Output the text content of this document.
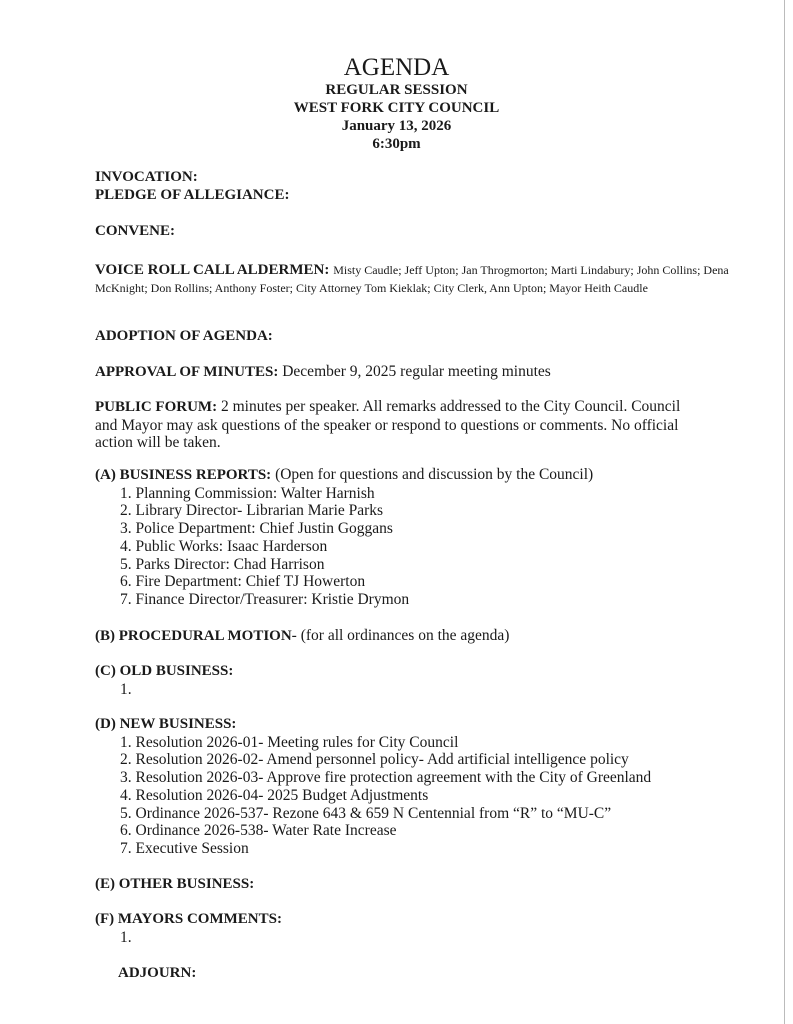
AGENDA
REGULAR SESSION
WEST FORK CITY COUNCIL
January 13, 2026
6:30pm
INVOCATION:
PLEDGE OF ALLEGIANCE:
CONVENE:
VOICE ROLL CALL ALDERMEN: Misty Caudle; Jeff Upton; Jan Throgmorton; Marti Lindabury; John Collins; Dena McKnight; Don Rollins; Anthony Foster; City Attorney Tom Kieklak; City Clerk, Ann Upton; Mayor Heith Caudle
ADOPTION OF AGENDA:
APPROVAL OF MINUTES: December 9, 2025 regular meeting minutes
PUBLIC FORUM: 2 minutes per speaker. All remarks addressed to the City Council. Council and Mayor may ask questions of the speaker or respond to questions or comments. No official action will be taken.
(A) BUSINESS REPORTS: (Open for questions and discussion by the Council)
1. Planning Commission: Walter Harnish
2. Library Director- Librarian Marie Parks
3. Police Department: Chief Justin Goggans
4. Public Works: Isaac Harderson
5. Parks Director: Chad Harrison
6. Fire Department: Chief TJ Howerton
7. Finance Director/Treasurer: Kristie Drymon
(B) PROCEDURAL MOTION- (for all ordinances on the agenda)
(C) OLD BUSINESS:
1.
(D) NEW BUSINESS:
1. Resolution 2026-01- Meeting rules for City Council
2. Resolution 2026-02- Amend personnel policy- Add artificial intelligence policy
3. Resolution 2026-03- Approve fire protection agreement with the City of Greenland
4. Resolution 2026-04- 2025 Budget Adjustments
5. Ordinance 2026-537- Rezone 643 & 659 N Centennial from “R” to “MU-C”
6. Ordinance 2026-538- Water Rate Increase
7. Executive Session
(E) OTHER BUSINESS:
(F) MAYORS COMMENTS:
1.
ADJOURN:
